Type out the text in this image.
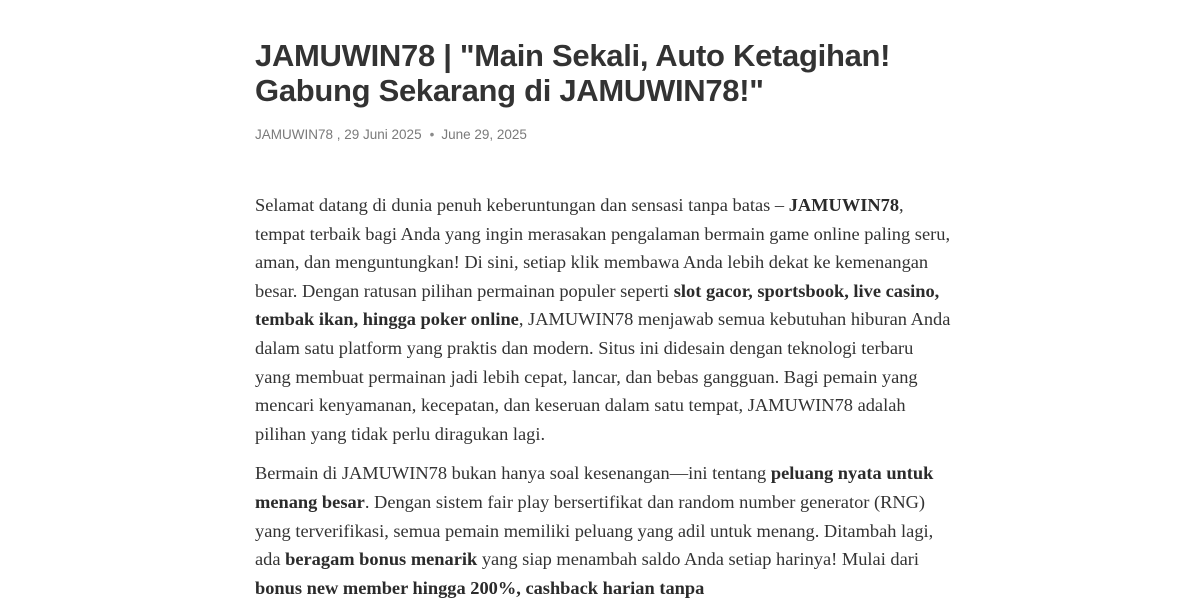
JAMUWIN78 | "Main Sekali, Auto Ketagihan!
Gabung Sekarang di JAMUWIN78!"
JAMUWIN78 , 29 Juni 2025 • June 29, 2025

Selamat datang di dunia penuh keberuntungan dan sensasi tanpa batas – JAMUWIN78, tempat terbaik bagi Anda yang ingin merasakan pengalaman bermain game online paling seru, aman, dan menguntungkan! Di sini, setiap klik membawa Anda lebih dekat ke kemenangan besar. Dengan ratusan pilihan permainan populer seperti slot gacor, sportsbook, live casino, tembak ikan, hingga poker online, JAMUWIN78 menjawab semua kebutuhan hiburan Anda dalam satu platform yang praktis dan modern. Situs ini didesain dengan teknologi terbaru yang membuat permainan jadi lebih cepat, lancar, dan bebas gangguan. Bagi pemain yang mencari kenyamanan, kecepatan, dan keseruan dalam satu tempat, JAMUWIN78 adalah pilihan yang tidak perlu diragukan lagi.

Bermain di JAMUWIN78 bukan hanya soal kesenangan—ini tentang peluang nyata untuk menang besar. Dengan sistem fair play bersertifikat dan random number generator (RNG) yang terverifikasi, semua pemain memiliki peluang yang adil untuk menang. Ditambah lagi, ada beragam bonus menarik yang siap menambah saldo Anda setiap harinya! Mulai dari bonus new member hingga 200%, cashback harian tanpa
